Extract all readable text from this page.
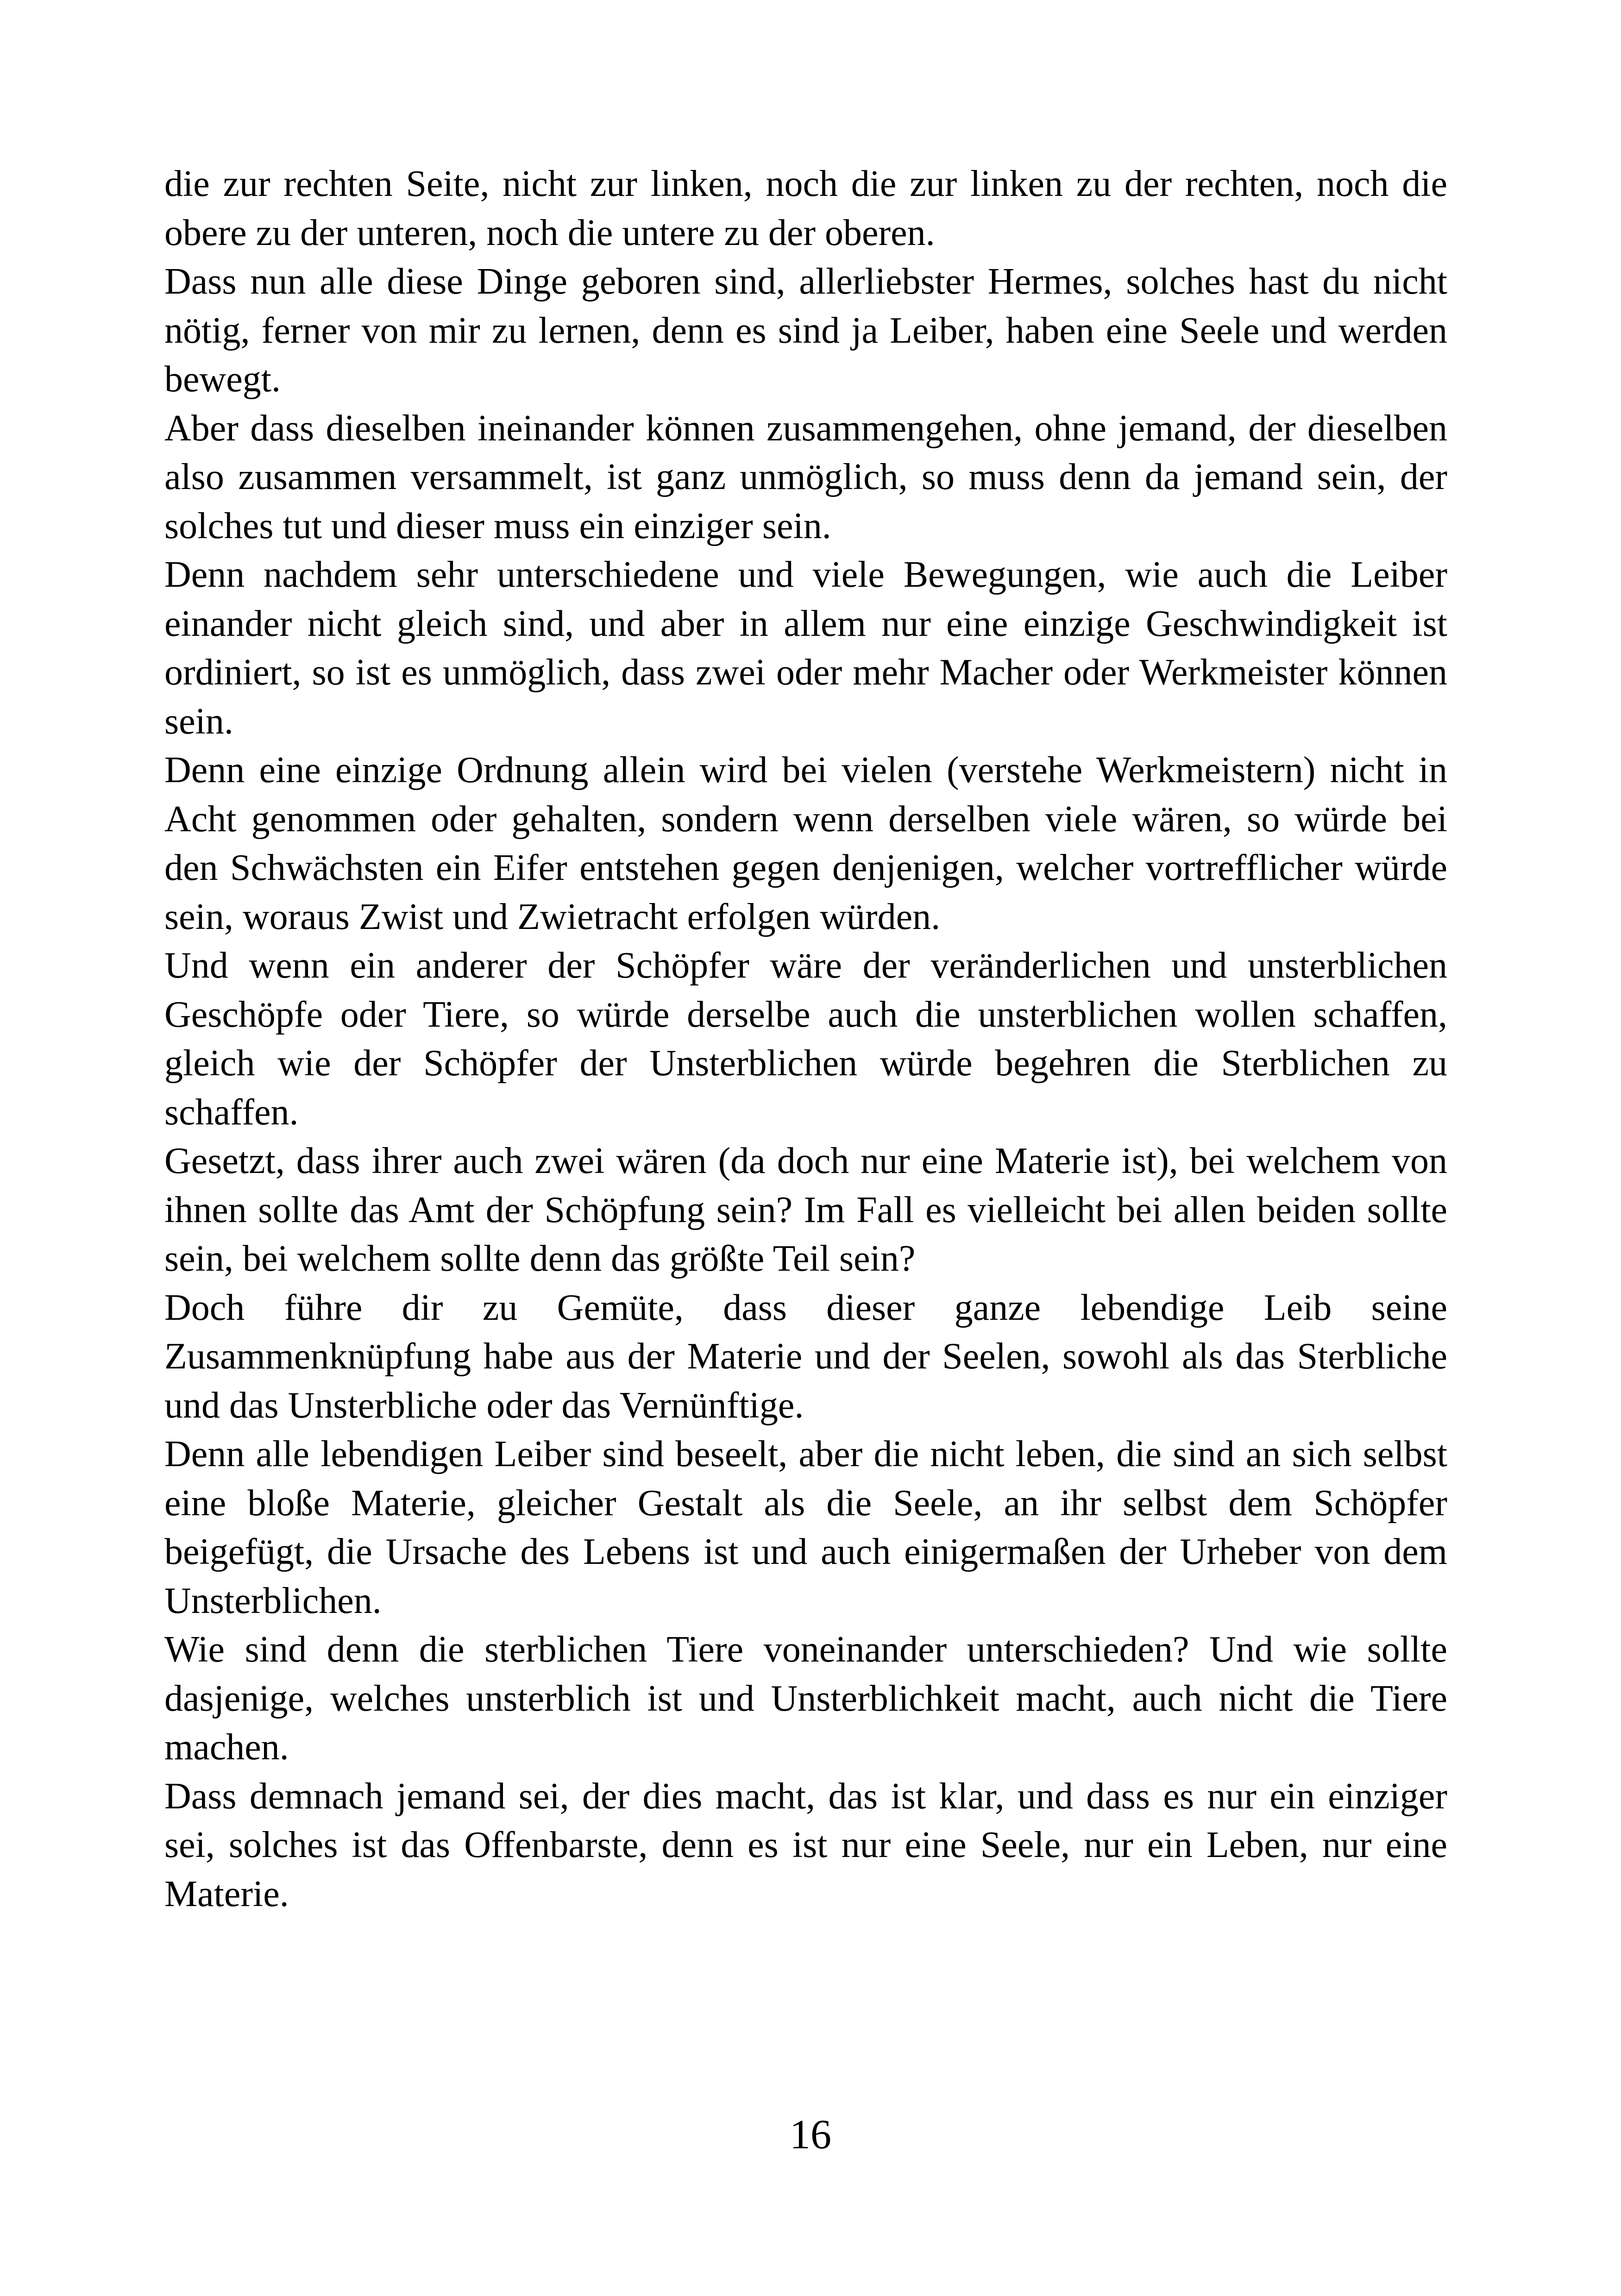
die zur rechten Seite, nicht zur linken, noch die zur linken zu der rechten, noch die obere zu der unteren, noch die untere zu der oberen.

Dass nun alle diese Dinge geboren sind, allerliebster Hermes, solches hast du nicht nötig, ferner von mir zu lernen, denn es sind ja Leiber, haben eine Seele und werden bewegt.

Aber dass dieselben ineinander können zusammengehen, ohne jemand, der dieselben also zusammen versammelt, ist ganz unmöglich, so muss denn da jemand sein, der solches tut und dieser muss ein einziger sein.

Denn nachdem sehr unterschiedene und viele Bewegungen, wie auch die Leiber einander nicht gleich sind, und aber in allem nur eine einzige Geschwindigkeit ist ordiniert, so ist es unmöglich, dass zwei oder mehr Macher oder Werkmeister können sein.

Denn eine einzige Ordnung allein wird bei vielen (verstehe Werkmeistern) nicht in Acht genommen oder gehalten, sondern wenn derselben viele wären, so würde bei den Schwächsten ein Eifer entstehen gegen denjenigen, welcher vortrefflicher würde sein, woraus Zwist und Zwietracht erfolgen würden.

Und wenn ein anderer der Schöpfer wäre der veränderlichen und unsterblichen Geschöpfe oder Tiere, so würde derselbe auch die unsterblichen wollen schaffen, gleich wie der Schöpfer der Unsterblichen würde begehren die Sterblichen zu schaffen.

Gesetzt, dass ihrer auch zwei wären (da doch nur eine Materie ist), bei welchem von ihnen sollte das Amt der Schöpfung sein? Im Fall es vielleicht bei allen beiden sollte sein, bei welchem sollte denn das größte Teil sein?

Doch führe dir zu Gemüte, dass dieser ganze lebendige Leib seine Zusammenknüpfung habe aus der Materie und der Seelen, sowohl als das Sterbliche und das Unsterbliche oder das Vernünftige.

Denn alle lebendigen Leiber sind beseelt, aber die nicht leben, die sind an sich selbst eine bloße Materie, gleicher Gestalt als die Seele, an ihr selbst dem Schöpfer beigefügt, die Ursache des Lebens ist und auch einigermaßen der Urheber von dem Unsterblichen.

Wie sind denn die sterblichen Tiere voneinander unterschieden? Und wie sollte dasjenige, welches unsterblich ist und Unsterblichkeit macht, auch nicht die Tiere machen.

Dass demnach jemand sei, der dies macht, das ist klar, und dass es nur ein einziger sei, solches ist das Offenbarste, denn es ist nur eine Seele, nur ein Leben, nur eine Materie.

16
